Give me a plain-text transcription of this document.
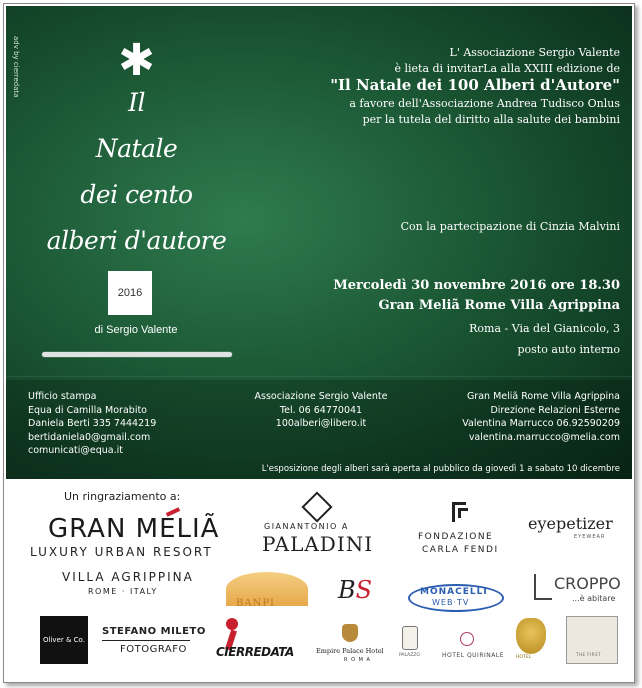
adv by cierredata	✱
Il
Natale
dei cento
alberi d'autore
2016
di Sergio Valente
L' Associazione Sergio Valente
è lieta di invitarLa alla XXIII edizione de
"Il Natale dei 100 Alberi d'Autore"
a favore dell'Associazione Andrea Tudisco Onlus
per la tutela del diritto alla salute dei bambini
Con la partecipazione di Cinzia Malvini
Mercoledì 30 novembre 2016 ore 18.30
Gran Meliã Rome Villa Agrippina
Roma - Via del Gianicolo, 3
posto auto interno
Ufficio stampa
Equa di Camilla Morabito
Daniela Berti 335 7444219
bertidaniela0@gmail.com
comunicati@equa.it
Associazione Sergio Valente
Tel. 06 64770041
100alberi@libero.it
Gran Meliã Rome Villa Agrippina
Direzione Relazioni Esterne
Valentina Marrucco 06.92590209
valentina.marrucco@melia.com
L'esposizione degli alberi sarà aperta al pubblico da giovedì 1 a sabato 10 dicembre
Un ringraziamento a:
GRAN MELIÃ
LUXURY URBAN RESORT
VILLA AGRIPPINA
ROME · ITALY
GIANANTONIO A
PALADINI	FONDAZIONE
CARLA FENDI
eyepetizer
EYEWEAR
BANPI	BS	MONACELLI
WEB·TV
CROPPO
...è abitare
Oliver & Co.
STEFANO MILETO
FOTOGRAFO CIERREDATA	Empire Palace Hotel
R O M A
PALAZZO	HOTEL QUIRINALE	HOTEL
THE FIRST
